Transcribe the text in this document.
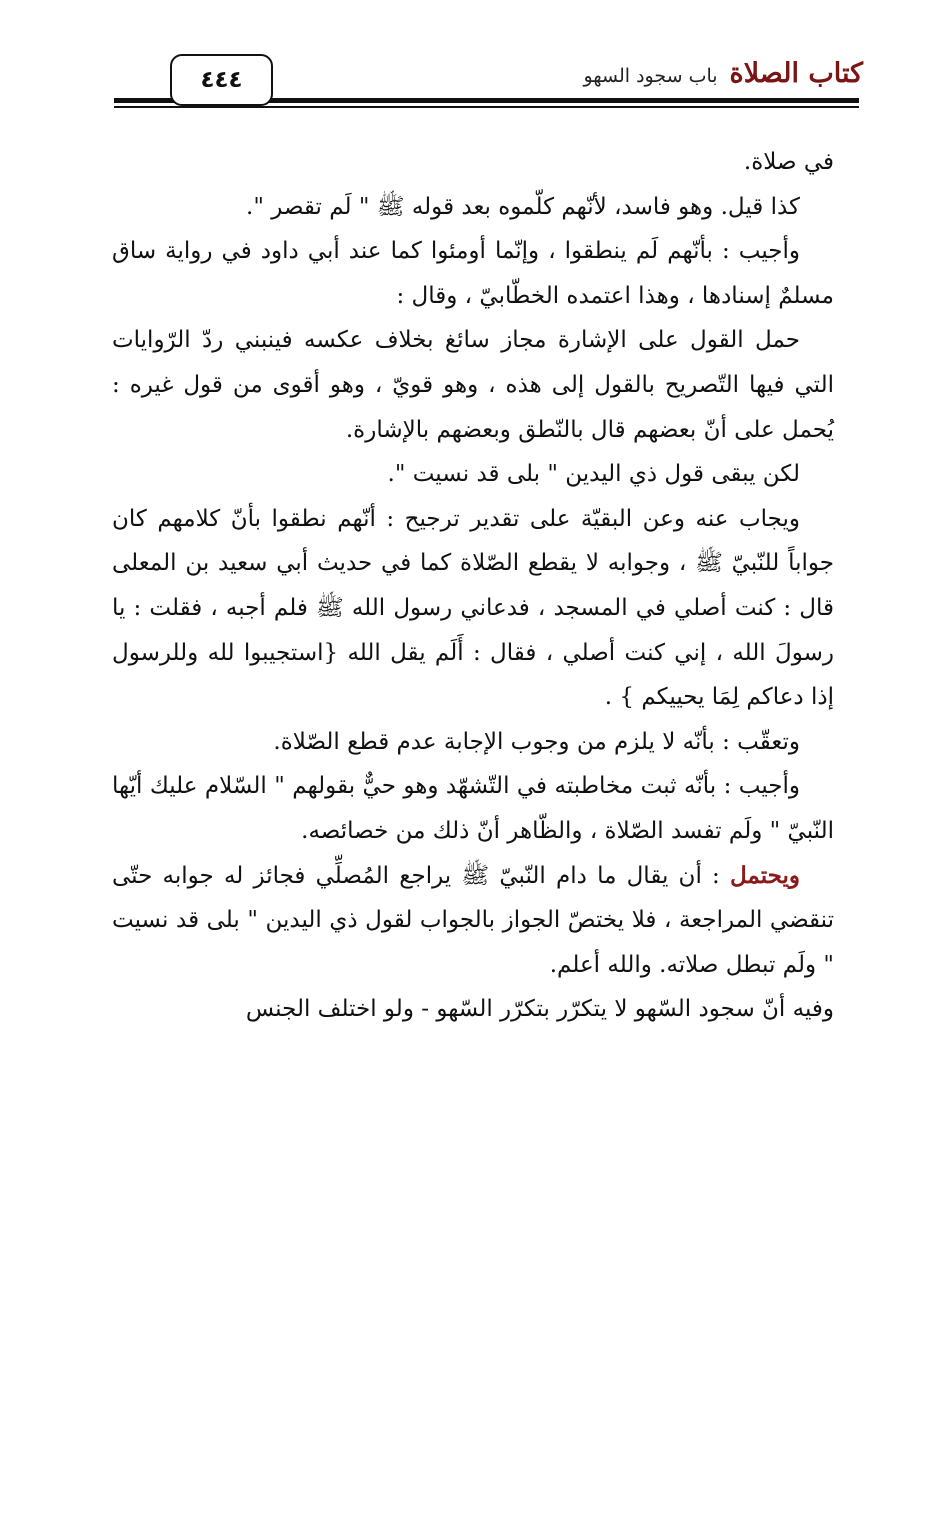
كتاب الصلاةباب سجود السهو
٤٤٤

في صلاة.

كذا قيل. وهو فاسد، لأنّهم كلّموه بعد قوله ﷺ " لَم تقصر ".

وأجيب : بأنّهم لَم ينطقوا ، وإنّما أومئوا كما عند أبي داود في رواية ساق مسلمٌ إسنادها ، وهذا اعتمده الخطّابيّ ، وقال :

حمل القول على الإشارة مجاز سائغ بخلاف عكسه فينبني ردّ الرّوايات التي فيها التّصريح بالقول إلى هذه ، وهو قويّ ، وهو أقوى من قول غيره : يُحمل على أنّ بعضهم قال بالنّطق وبعضهم بالإشارة.

لكن يبقى قول ذي اليدين " بلى قد نسيت ".

ويجاب عنه وعن البقيّة على تقدير ترجيح : أنّهم نطقوا بأنّ كلامهم كان جواباً للنّبيّ ﷺ ، وجوابه لا يقطع الصّلاة كما في حديث أبي سعيد بن المعلى قال : كنت أصلي في المسجد ، فدعاني رسول الله ﷺ فلم أجبه ، فقلت : يا رسولَ الله ، إني كنت أصلي ، فقال : أَلَم يقل الله {استجيبوا لله وللرسول إذا دعاكم لِمَا يحييكم } .

وتعقّب : بأنّه لا يلزم من وجوب الإجابة عدم قطع الصّلاة.

وأجيب : بأنّه ثبت مخاطبته في التّشهّد وهو حيٌّ بقولهم " السّلام عليك أيّها النّبيّ " ولَم تفسد الصّلاة ، والظّاهر أنّ ذلك من خصائصه.

ويحتمل : أن يقال ما دام النّبيّ ﷺ يراجع المُصلِّي فجائز له جوابه حتّى تنقضي المراجعة ، فلا يختصّ الجواز بالجواب لقول ذي اليدين " بلى قد نسيت " ولَم تبطل صلاته. والله أعلم.

وفيه أنّ سجود السّهو لا يتكرّر بتكرّر السّهو - ولو اختلف الجنس
